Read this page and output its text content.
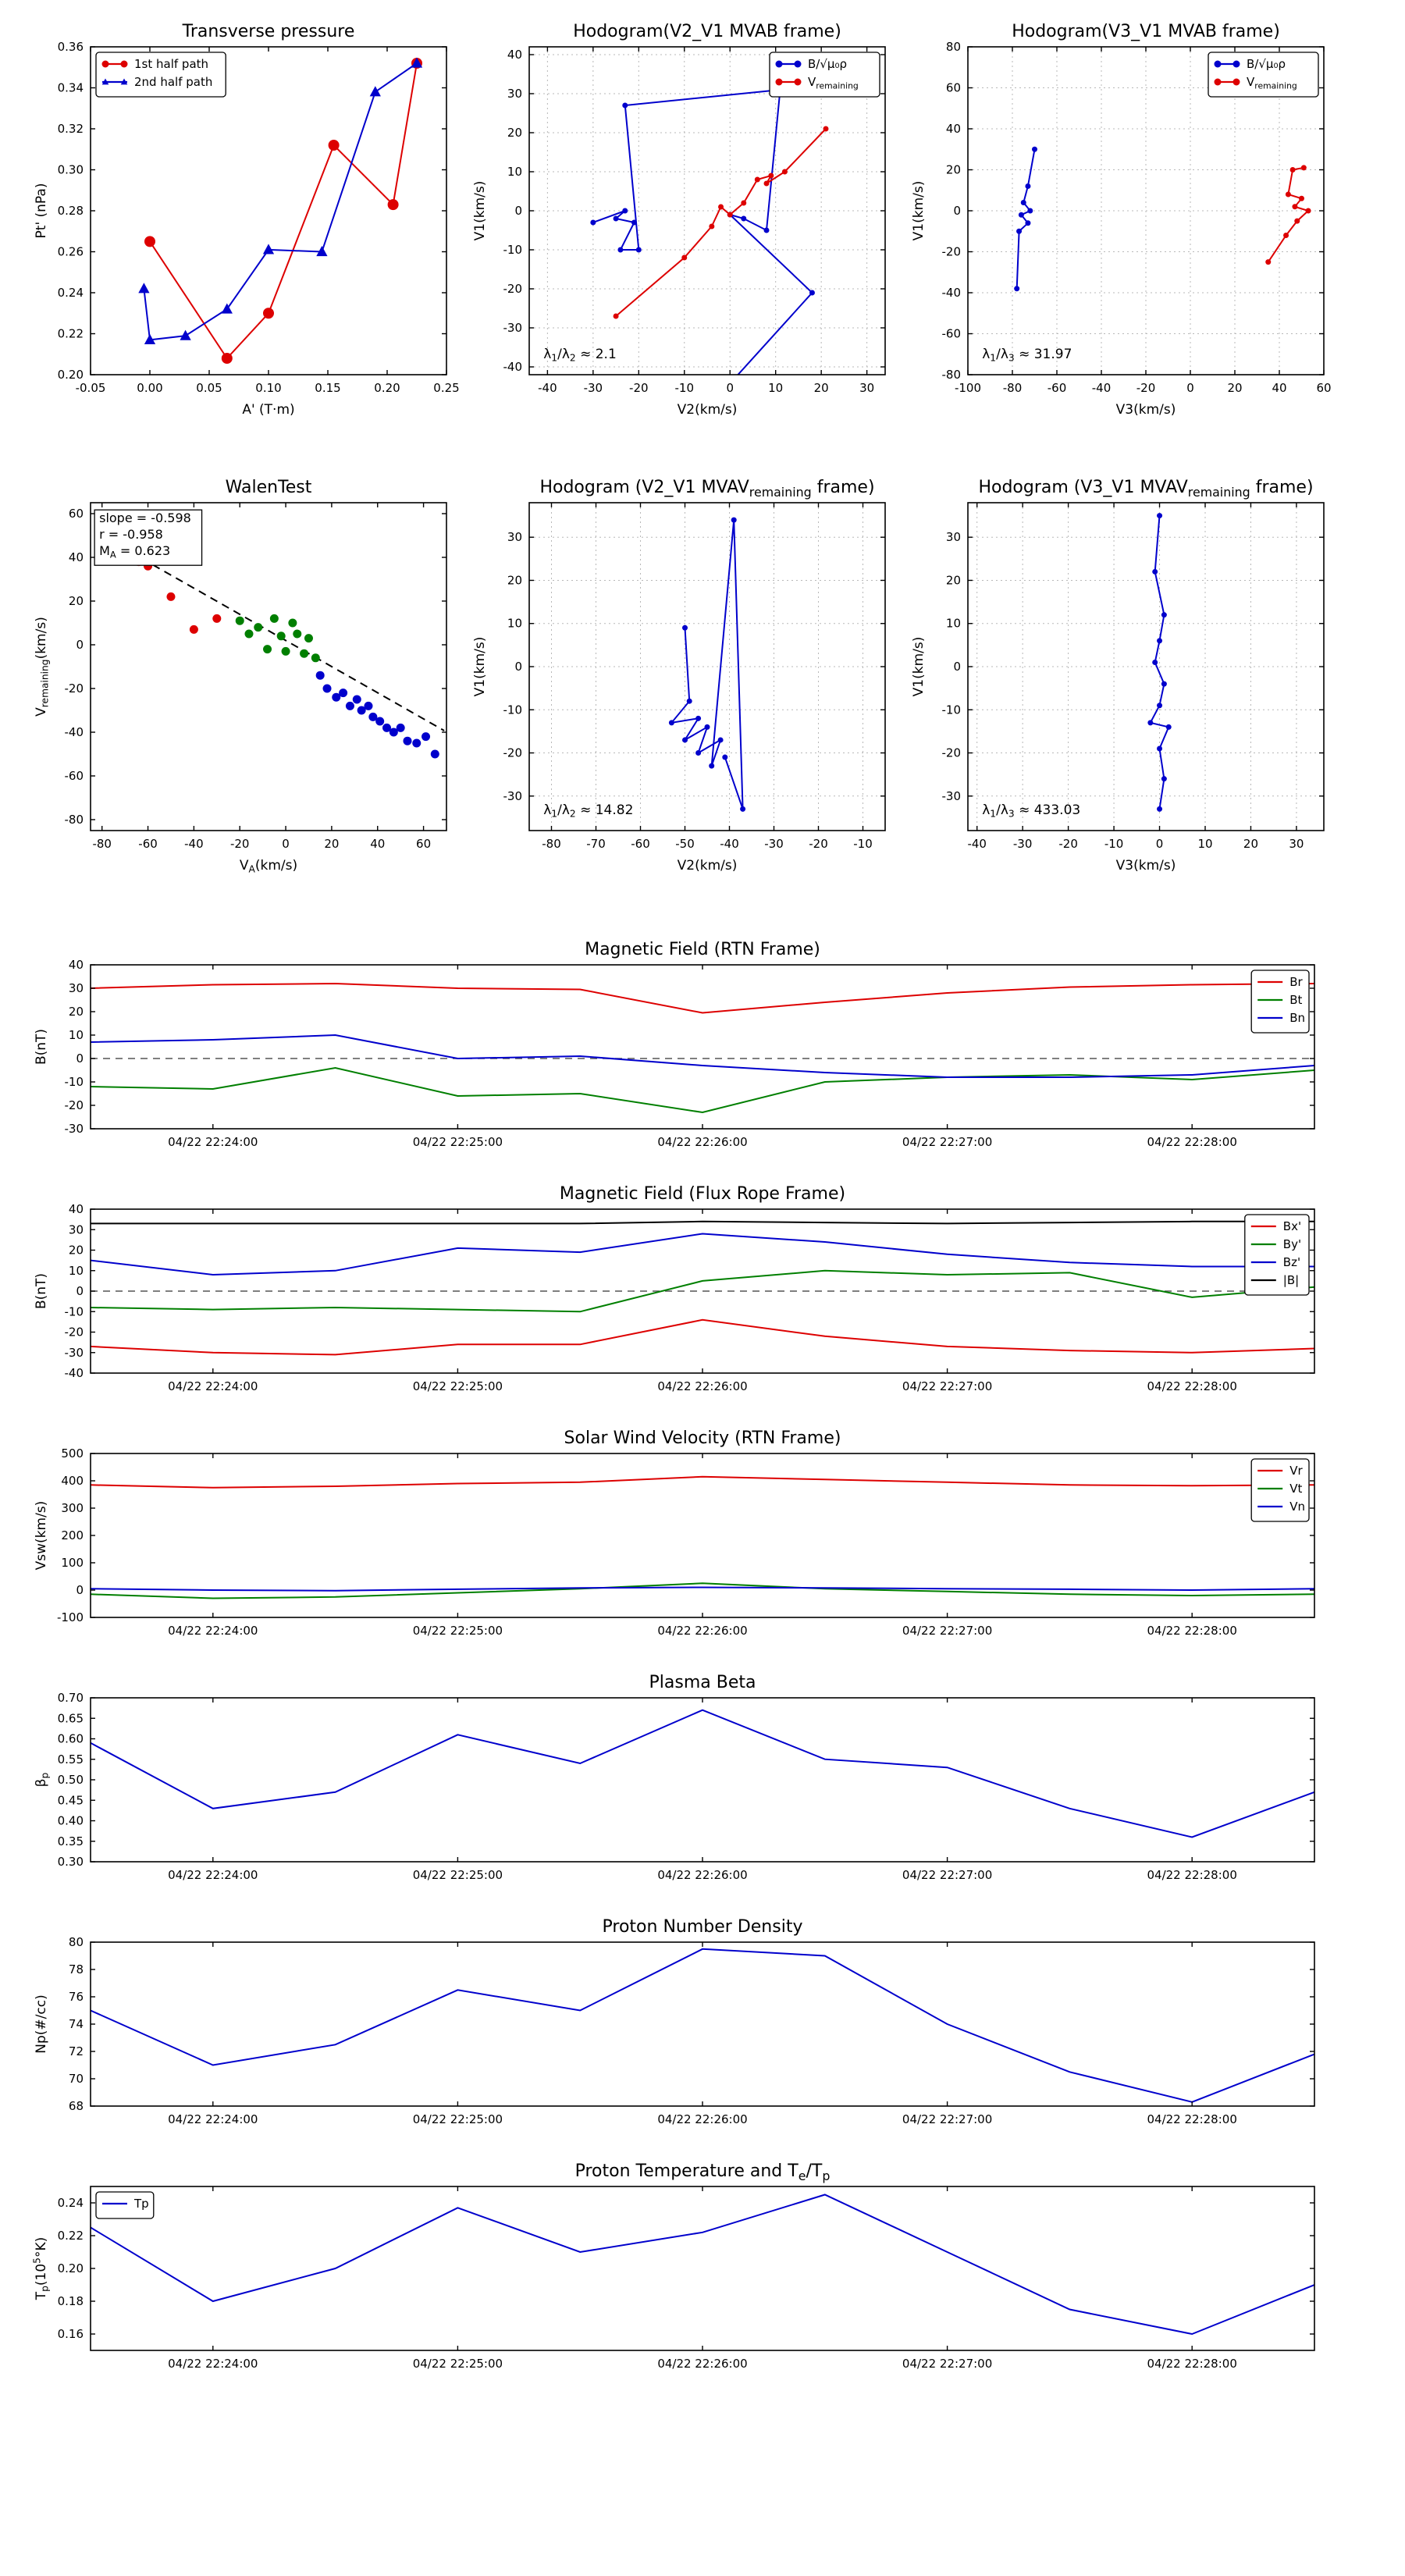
-0.05	0.00	0.05	0.10	0.15	0.20	0.25
0.20
0.22
0.24
0.26
0.28
0.30
0.32
0.34
0.36
Transverse pressure
A' (T·m)
Pt' (nPa)
1st half path
2nd half path
-40 -30 -20 -10	0	10	20	30
-40
-30
-20
-10
0
10
20
30
40
Hodogram(V2_V1 MVAB frame)
V2(km/s)
V1(km/s)
$\lambda_1/\lambda_2 \approx 2.1$
B/√μ₀ρ
$V_{remaining}$
-100 -80 -60 -40 -20	0	20	40	60
-80
-60
-40
-20
0
20
40
60
80
Hodogram(V3_V1 MVAB frame)
V3(km/s)
V1(km/s)
$\lambda_1/\lambda_3 \approx 31.97$
B/√μ₀ρ
$V_{remaining}$
-80 -60 -40 -20	0	20	40	60
-80
-60
-40
-20
0
20
40
60
WalenTest
$V_A(km/s)$
$V_{remaining}(km/s)$
slope = -0.598
r = -0.958
$M_A = 0.623$
-80 -70 -60 -50 -40 -30 -20 -10
-30
-20
-10
0
10
20
30
Hodogram (V2_V1 $MVAV_{remaining}$ frame)
V2(km/s)
V1(km/s)
$\lambda_1/\lambda_2 \approx 14.82$
-40 -30 -20 -10	0	10	20	30
-30
-20
-10
0
10
20
30
Hodogram (V3_V1 $MVAV_{remaining}$ frame)
V3(km/s)
V1(km/s)
$\lambda_1/\lambda_3 \approx 433.03$
04/22 22:24:00	04/22 22:25:00	04/22 22:26:00	04/22 22:27:00	04/22 22:28:00
-30
-20
-10
0
10
20
30
40
Magnetic Field (RTN Frame)
B(nT)
Br
Bt
Bn
04/22 22:24:00	04/22 22:25:00	04/22 22:26:00	04/22 22:27:00	04/22 22:28:00
-40
-30
-20
-10
0
10
20
30
40
Magnetic Field (Flux Rope Frame)
B(nT)
Bx'
By'
Bz'
|B|
04/22 22:24:00	04/22 22:25:00	04/22 22:26:00	04/22 22:27:00	04/22 22:28:00
-100
0
100
200
300
400
500
Solar Wind Velocity (RTN Frame)
Vsw(km/s)
Vr
Vt
Vn
04/22 22:24:00	04/22 22:25:00	04/22 22:26:00	04/22 22:27:00	04/22 22:28:00
0.30
0.35
0.40
0.45
0.50
0.55
0.60
0.65
0.70
Plasma Beta
$\beta_p$
04/22 22:24:00	04/22 22:25:00	04/22 22:26:00	04/22 22:27:00	04/22 22:28:00
68
70
72
74
76
78
80
Proton Number Density
Np(#/cc)
04/22 22:24:00	04/22 22:25:00	04/22 22:26:00	04/22 22:27:00	04/22 22:28:00
0.16
0.18
0.20
0.22
0.24
Proton Temperature and $T_e/T_p$
$T_p(10^5^\circ K)$
Tp
